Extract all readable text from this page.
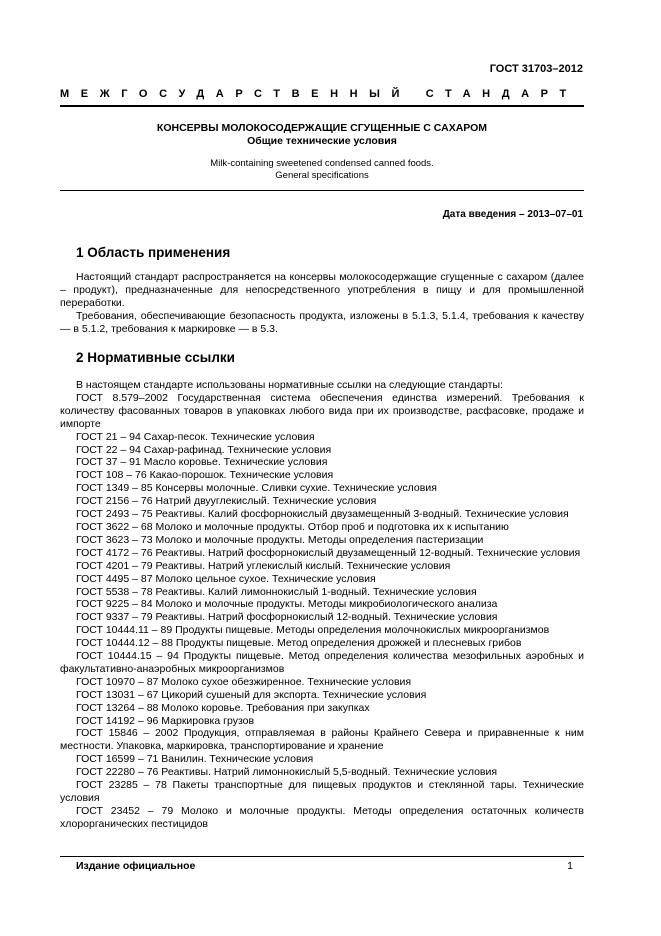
ГОСТ 31703–2012
МЕЖГОСУДАРСТВЕННЫЙ СТАНДАРТ
КОНСЕРВЫ МОЛОКОСОДЕРЖАЩИЕ СГУЩЕННЫЕ С САХАРОМ
Общие технические условия
Milk-containing sweetened condensed canned foods.
General specifications
Дата введения – 2013–07–01
1 Область применения

Настоящий стандарт распространяется на консервы молокосодержащие сгущенные с сахаром (далее – продукт), предназначенные для непосредственного употребления в пищу и для промышленной переработки.

Требования, обеспечивающие безопасность продукта, изложены в 5.1.3, 5.1.4, требования к качеству — в 5.1.2, требования к маркировке — в 5.3.

2 Нормативные ссылки

В настоящем стандарте использованы нормативные ссылки на следующие стандарты:

ГОСТ 8.579–2002 Государственная система обеспечения единства измерений. Требования к количеству фасованных товаров в упаковках любого вида при их производстве, расфасовке, продаже и импорте

ГОСТ 21 – 94 Сахар-песок. Технические условия

ГОСТ 22 – 94 Сахар-рафинад. Технические условия

ГОСТ 37 – 91 Масло коровье. Технические условия

ГОСТ 108 – 76 Какао-порошок. Технические условия

ГОСТ 1349 – 85 Консервы молочные. Сливки сухие. Технические условия

ГОСТ 2156 – 76 Натрий двууглекислый. Технические условия

ГОСТ 2493 – 75 Реактивы. Калий фосфорнокислый двузамещенный 3-водный. Технические условия

ГОСТ 3622 – 68 Молоко и молочные продукты. Отбор проб и подготовка их к испытанию

ГОСТ 3623 – 73 Молоко и молочные продукты. Методы определения пастеризации

ГОСТ 4172 – 76 Реактивы. Натрий фосфорнокислый двузамещенный 12-водный. Технические условия

ГОСТ 4201 – 79 Реактивы. Натрий углекислый кислый. Технические условия

ГОСТ 4495 – 87 Молоко цельное сухое. Технические условия

ГОСТ 5538 – 78 Реактивы. Калий лимоннокислый 1-водный. Технические условия

ГОСТ 9225 – 84 Молоко и молочные продукты. Методы микробиологического анализа

ГОСТ 9337 – 79 Реактивы. Натрий фосфорнокислый 12-водный. Технические условия

ГОСТ 10444.11 – 89 Продукты пищевые. Методы определения молочнокислых микроорганизмов

ГОСТ 10444.12 – 88 Продукты пищевые. Метод определения дрожжей и плесневых грибов

ГОСТ 10444.15 – 94 Продукты пищевые. Метод определения количества мезофильных аэробных и факультативно-анаэробных микроорганизмов

ГОСТ 10970 – 87 Молоко сухое обезжиренное. Технические условия

ГОСТ 13031 – 67 Цикорий сушеный для экспорта. Технические условия

ГОСТ 13264 – 88 Молоко коровье. Требования при закупках

ГОСТ 14192 – 96 Маркировка грузов

ГОСТ 15846 – 2002 Продукция, отправляемая в районы Крайнего Севера и приравненные к ним местности. Упаковка, маркировка, транспортирование и хранение

ГОСТ 16599 – 71 Ванилин. Технические условия

ГОСТ 22280 – 76 Реактивы. Натрий лимоннокислый 5,5-водный. Технические условия

ГОСТ 23285 – 78 Пакеты транспортные для пищевых продуктов и стеклянной тары. Технические условия

ГОСТ 23452 – 79 Молоко и молочные продукты. Методы определения остаточных количеств хлорорганических пестицидов

Издание официальное	1
